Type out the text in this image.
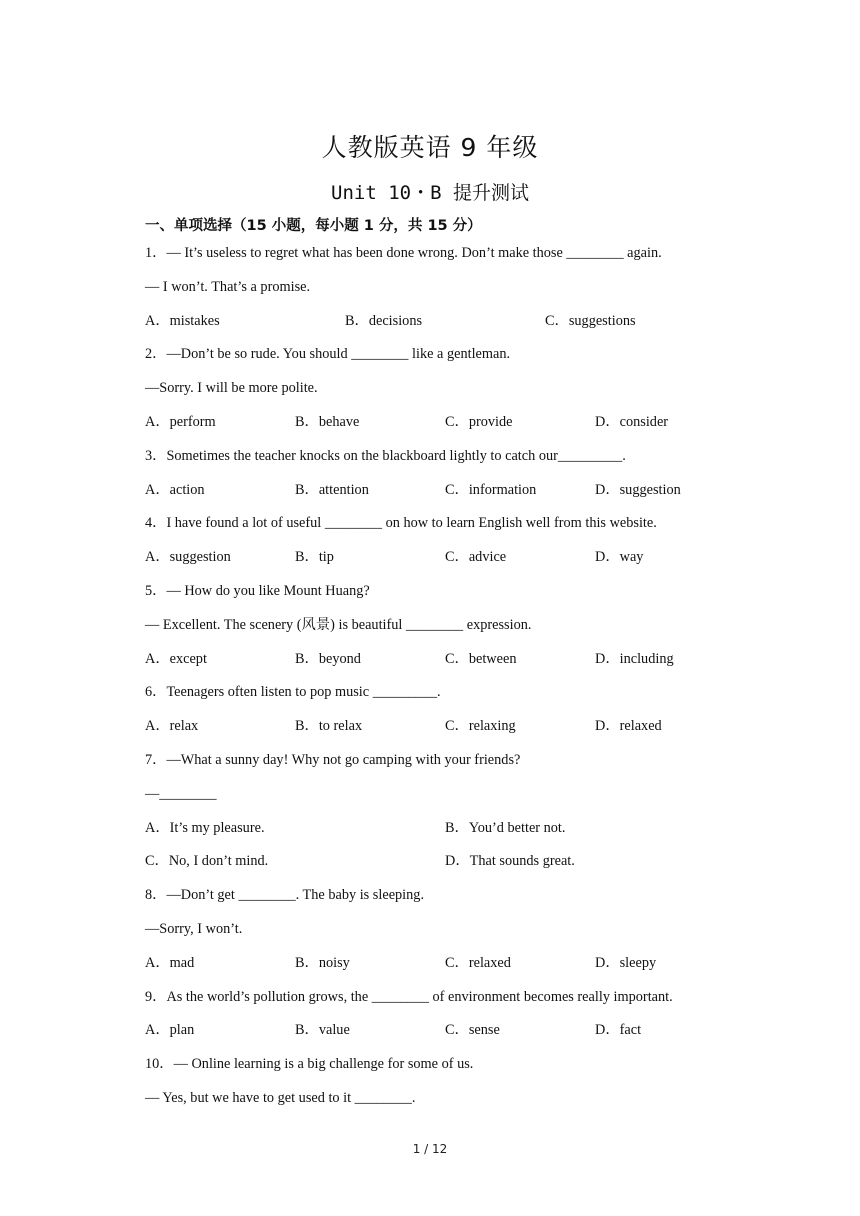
人教版英语 9 年级
Unit 10・B 提升测试
一、单项选择（15 小题，每小题 1 分，共 15 分）
1．— It’s useless to regret what has been done wrong. Don’t make those ________ again.
— I won’t. That’s a promise.
A．mistakes	B．decisions	C．suggestions
2．—Don’t be so rude. You should ________ like a gentleman.
—Sorry. I will be more polite.
A．perform	B．behave	C．provide	D．consider
3．Sometimes the teacher knocks on the blackboard lightly to catch our_________.
A．action	B．attention	C．information	D．suggestion
4．I have found a lot of useful ________ on how to learn English well from this website.
A．suggestion	B．tip	C．advice	D．way
5．— How do you like Mount Huang?
— Excellent. The scenery (风景) is beautiful ________ expression.
A．except	B．beyond	C．between	D．including
6．Teenagers often listen to pop music _________.
A．relax	B．to relax	C．relaxing	D．relaxed
7．—What a sunny day! Why not go camping with your friends?
—________
A．It’s my pleasure.	B．You’d better not.
C．No, I don’t mind.	D．That sounds great.
8．—Don’t get ________. The baby is sleeping.
—Sorry, I won’t.
A．mad	B．noisy	C．relaxed	D．sleepy
9．As the world’s pollution grows, the ________ of environment becomes really important.
A．plan	B．value	C．sense	D．fact
10．— Online learning is a big challenge for some of us.
— Yes, but we have to get used to it ________.
1 / 12
